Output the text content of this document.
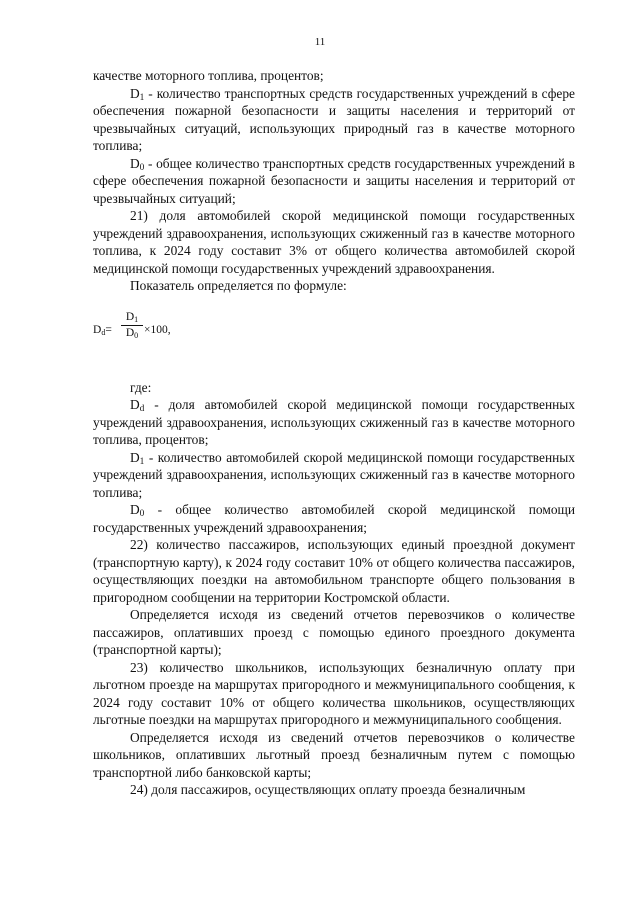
11

качестве моторного топлива, процентов;

$D_1$ - количество транспортных средств государственных учреждений в сфере обеспечения пожарной безопасности и защиты населения и территорий от чрезвычайных ситуаций, использующих природный газ в качестве моторного топлива;

$D_0$ - общее количество транспортных средств государственных учреждений в сфере обеспечения пожарной безопасности и защиты населения и территорий от чрезвычайных ситуаций;

21) доля автомобилей скорой медицинской помощи государственных учреждений здравоохранения, использующих сжиженный газ в качестве моторного топлива, к 2024 году составит 3% от общего количества автомобилей скорой медицинской помощи государственных учреждений здравоохранения.

Показатель определяется по формуле:

$D_d=$
$D_1$
$D_0 \times 100$,

где:

$D_d$ - доля автомобилей скорой медицинской помощи государственных учреждений здравоохранения, использующих сжиженный газ в качестве моторного топлива, процентов;

$D_1$ - количество автомобилей скорой медицинской помощи государственных учреждений здравоохранения, использующих сжиженный газ в качестве моторного топлива;

$D_0$ - общее количество автомобилей скорой медицинской помощи государственных учреждений здравоохранения;

22) количество пассажиров, использующих единый проездной документ (транспортную карту), к 2024 году составит 10% от общего количества пассажиров, осуществляющих поездки на автомобильном транспорте общего пользования в пригородном сообщении на территории Костромской области.

Определяется исходя из сведений отчетов перевозчиков о количестве пассажиров, оплативших проезд с помощью единого проездного документа (транспортной карты);

23) количество школьников, использующих безналичную оплату при льготном проезде на маршрутах пригородного и межмуниципального сообщения, к 2024 году составит 10% от общего количества школьников, осуществляющих льготные поездки на маршрутах пригородного и межмуниципального сообщения.

Определяется исходя из сведений отчетов перевозчиков о количестве школьников, оплативших льготный проезд безналичным путем с помощью транспортной либо банковской карты;

24) доля пассажиров, осуществляющих оплату проезда безналичным
